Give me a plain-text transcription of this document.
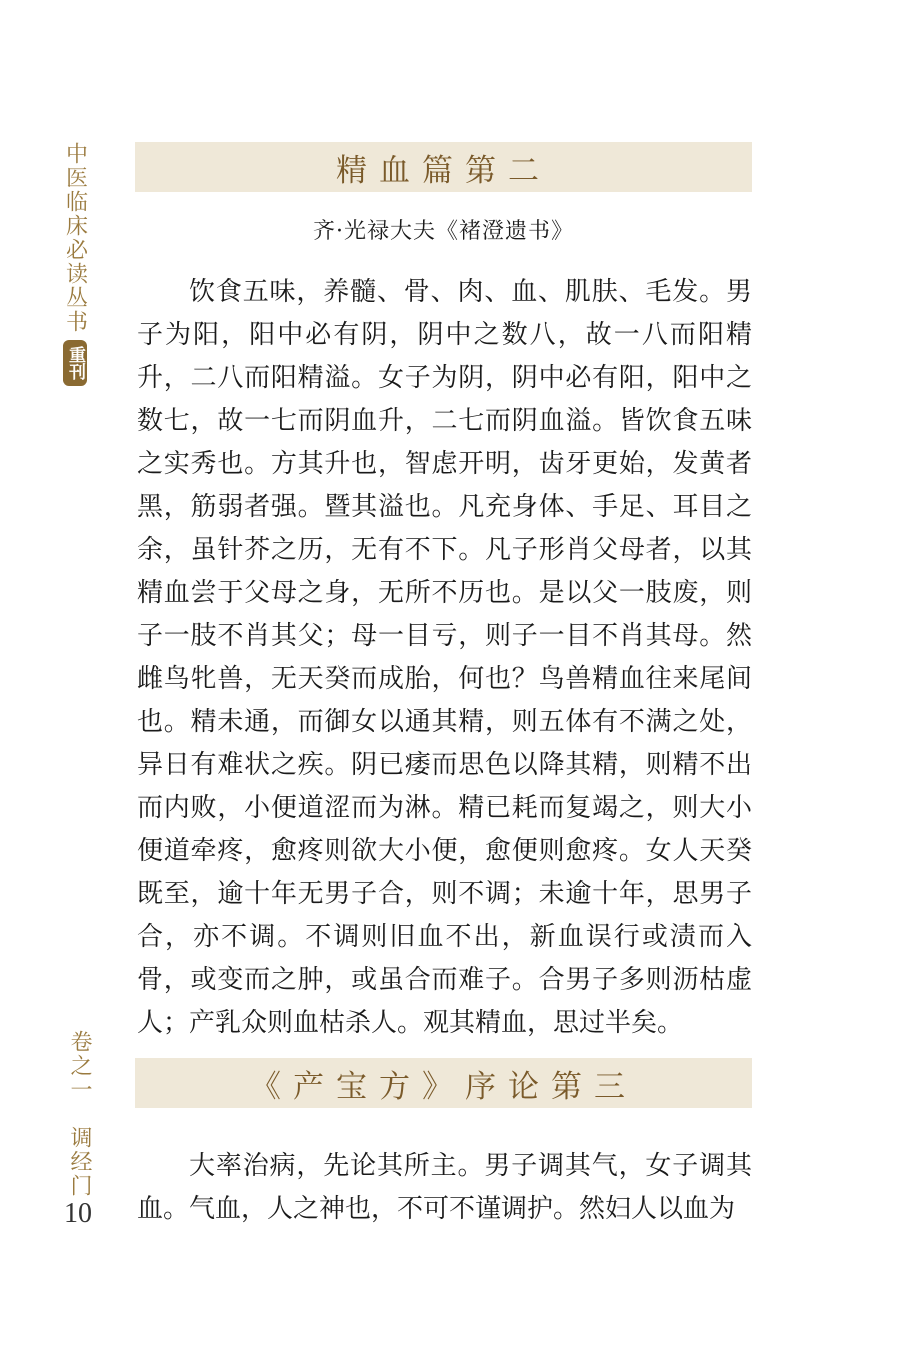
中医临床必读丛书
重刊
卷之一　调经门
10
精血篇第二
齐·光禄大夫《褚澄遗书》

饮食五味，养髓、骨、肉、血、肌肤、毛发。男子为阳，阳中必有阴，阴中之数八，故一八而阳精升，二八而阳精溢。女子为阴，阴中必有阳，阳中之数七，故一七而阴血升，二七而阴血溢。皆饮食五味之实秀也。方其升也，智虑开明，齿牙更始，发黄者黑，筋弱者强。暨其溢也。凡充身体、手足、耳目之余，虽针芥之历，无有不下。凡子形肖父母者，以其精血尝于父母之身，无所不历也。是以父一肢废，则子一肢不肖其父；母一目亏，则子一目不肖其母。然雌鸟牝兽，无天癸而成胎，何也？鸟兽精血往来尾间也。精未通，而御女以通其精，则五体有不满之处，异日有难状之疾。阴已痿而思色以降其精，则精不出而内败，小便道涩而为淋。精已耗而复竭之，则大小便道牵疼，愈疼则欲大小便，愈便则愈疼。女人天癸既至，逾十年无男子合，则不调；未逾十年，思男子合，亦不调。不调则旧血不出，新血误行或渍而入骨，或变而之肿，或虽合而难子。合男子多则沥枯虚人；产乳众则血枯杀人。观其精血，思过半矣。

《产宝方》序论第三

大率治病，先论其所主。男子调其气，女子调其血。气血，人之神也，不可不谨调护。然妇人以血为
